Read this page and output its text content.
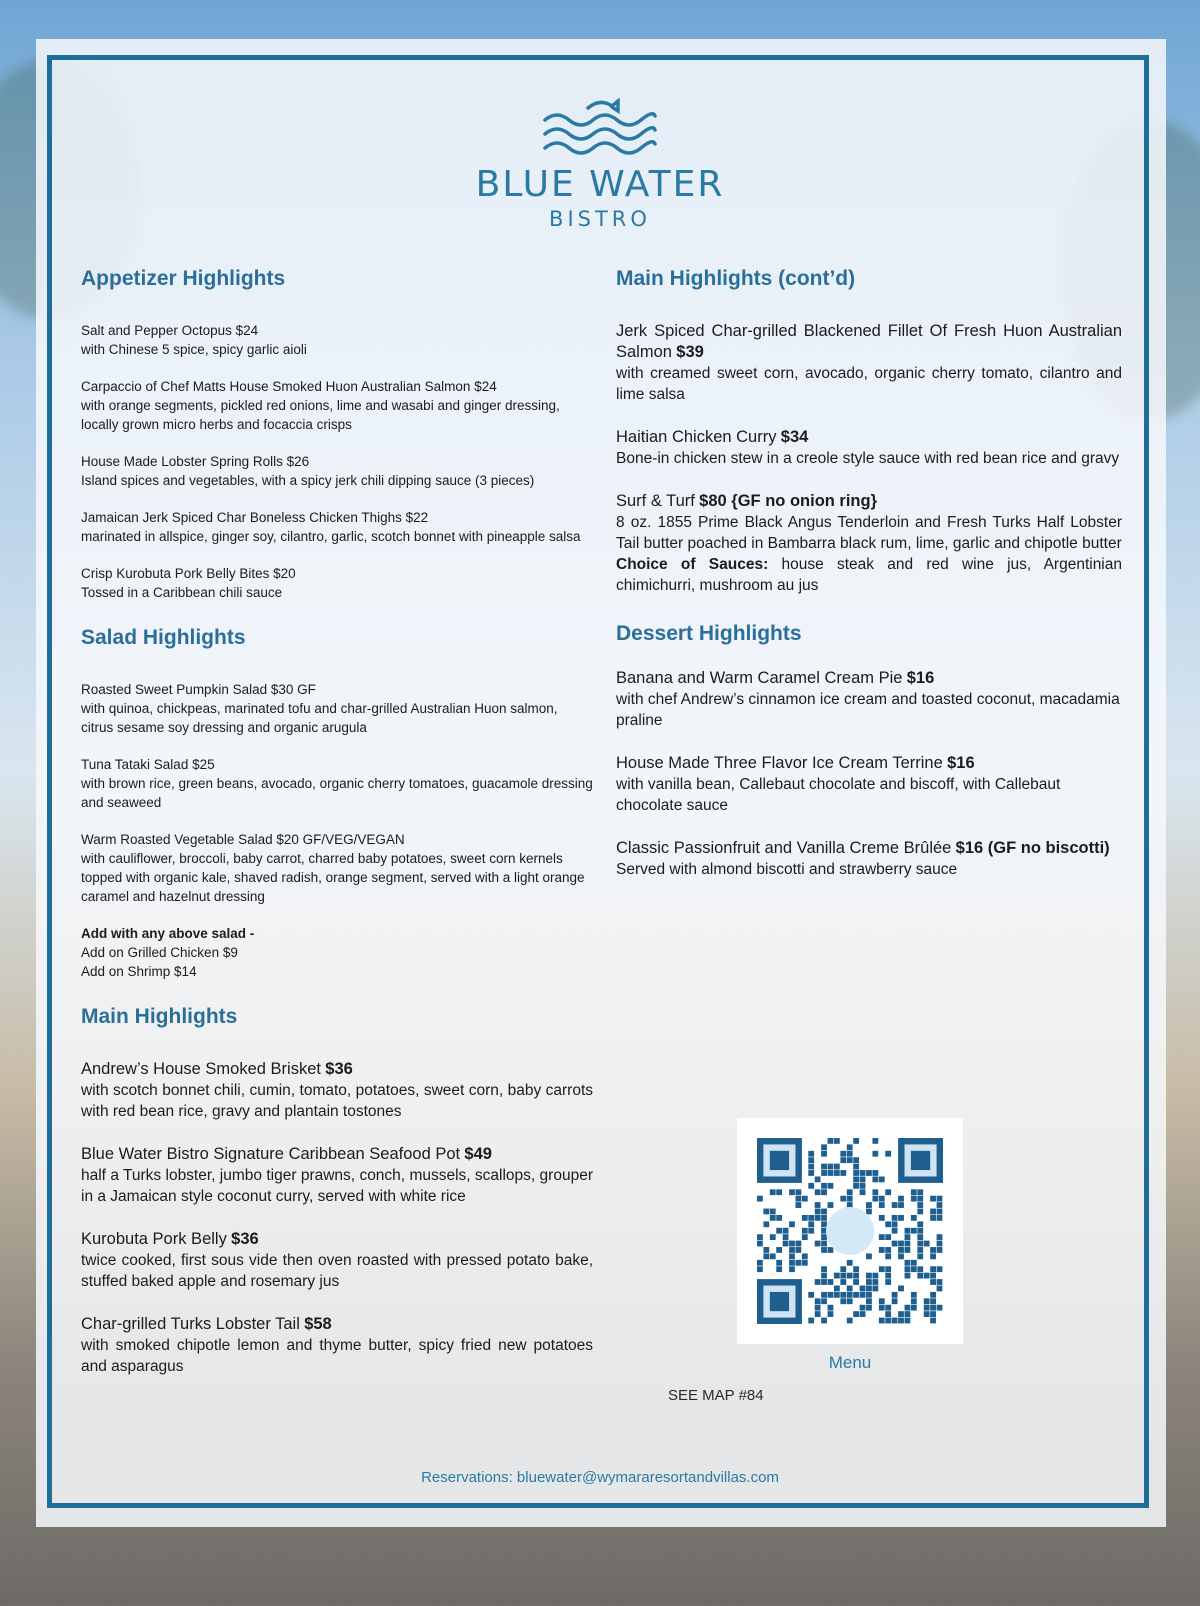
BLUE WATER
BISTRO
Appetizer Highlights
Salt and Pepper Octopus $24
with Chinese 5 spice, spicy garlic aioli
Carpaccio of Chef Matts House Smoked Huon Australian Salmon $24
with orange segments, pickled red onions, lime and wasabi and ginger dressing, locally grown micro herbs and focaccia crisps
House Made Lobster Spring Rolls $26
Island spices and vegetables, with a spicy jerk chili dipping sauce (3 pieces)
Jamaican Jerk Spiced Char Boneless Chicken Thighs $22
marinated in allspice, ginger soy, cilantro, garlic, scotch bonnet with pineapple salsa
Crisp Kurobuta Pork Belly Bites $20
Tossed in a Caribbean chili sauce
Salad Highlights
Roasted Sweet Pumpkin Salad $30 GF
with quinoa, chickpeas, marinated tofu and char-grilled Australian Huon salmon, citrus sesame soy dressing and organic arugula
Tuna Tataki Salad $25
with brown rice, green beans, avocado, organic cherry tomatoes, guacamole dressing and seaweed
Warm Roasted Vegetable Salad $20 GF/VEG/VEGAN
with cauliflower, broccoli, baby carrot, charred baby potatoes, sweet corn kernels topped with organic kale, shaved radish, orange segment, served with a light orange caramel and hazelnut dressing
Add with any above salad -
Add on Grilled Chicken $9
Add on Shrimp $14
Main Highlights
Andrew’s House Smoked Brisket $36
with scotch bonnet chili, cumin, tomato, potatoes, sweet corn, baby carrots with red bean rice, gravy and plantain tostones
Blue Water Bistro Signature Caribbean Seafood Pot $49
half a Turks lobster, jumbo tiger prawns, conch, mussels, scallops, grouper in a Jamaican style coconut curry, served with white rice
Kurobuta Pork Belly $36
twice cooked, first sous vide then oven roasted with pressed potato bake, stuffed baked apple and rosemary jus
Char-grilled Turks Lobster Tail $58
with smoked chipotle lemon and thyme butter, spicy fried new potatoes and asparagus
Main Highlights (cont’d)
Jerk Spiced Char-grilled Blackened Fillet Of Fresh Huon Australian Salmon $39
with creamed sweet corn, avocado, organic cherry tomato, cilantro and lime salsa
Haitian Chicken Curry $34
Bone-in chicken stew in a creole style sauce with red bean rice and gravy
Surf & Turf $80 {GF no onion ring}
8 oz. 1855 Prime Black Angus Tenderloin and Fresh Turks Half Lobster Tail butter poached in Bambarra black rum, lime, garlic and chipotle butter
Choice of Sauces: house steak and red wine jus, Argentinian chimichurri, mushroom au jus
Dessert Highlights
Banana and Warm Caramel Cream Pie $16
with chef Andrew’s cinnamon ice cream and toasted coconut, macadamia praline
House Made Three Flavor Ice Cream Terrine $16
with vanilla bean, Callebaut chocolate and biscoff, with Callebaut chocolate sauce
Classic Passionfruit and Vanilla Creme Brûlée $16 (GF no biscotti)
Served with almond biscotti and strawberry sauce
Menu
SEE MAP #84
Reservations: bluewater@wymararesortandvillas.com
